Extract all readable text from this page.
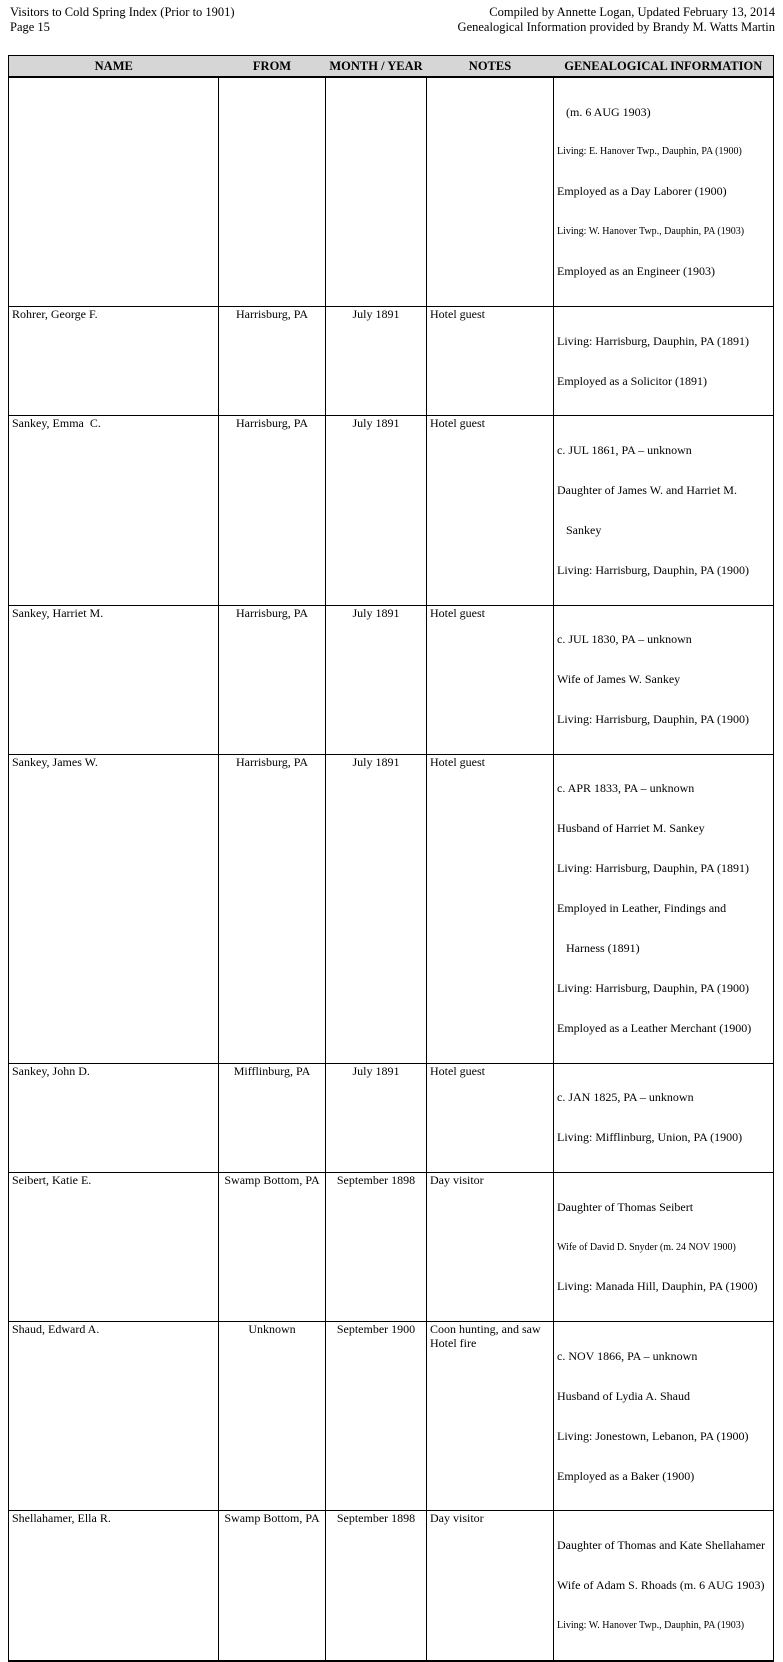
Visitors to Cold Spring Index (Prior to 1901)
Page 15
Compiled by Annette Logan, Updated February 13, 2014
Genealogical Information provided by Brandy M. Watts Martin
NAME	FROM	MONTH / YEAR	NOTES	GENEALOGICAL INFORMATION

				(m. 6 AUG 1903)

Living: E. Hanover Twp., Dauphin, PA (1900)

Employed as a Day Laborer (1900)

Living: W. Hanover Twp., Dauphin, PA (1903)

Employed as an Engineer (1903)

Rohrer, George F.	Harrisburg, PA	July 1891	Hotel guest	Living: Harrisburg, Dauphin, PA (1891)

Employed as a Solicitor (1891)

Sankey, Emma  C.	Harrisburg, PA	July 1891	Hotel guest	c. JUL 1861, PA – unknown

Daughter of James W. and Harriet M.

Sankey

Living: Harrisburg, Dauphin, PA (1900)

Sankey, Harriet M.	Harrisburg, PA	July 1891	Hotel guest	c. JUL 1830, PA – unknown

Wife of James W. Sankey

Living: Harrisburg, Dauphin, PA (1900)

Sankey, James W.	Harrisburg, PA	July 1891	Hotel guest	

c. APR 1833, PA – unknown

Husband of Harriet M. Sankey

Living: Harrisburg, Dauphin, PA (1891)

Employed in Leather, Findings and

Harness (1891)

Living: Harrisburg, Dauphin, PA (1900)

Employed as a Leather Merchant (1900)

Sankey, John D.	Mifflinburg, PA	July 1891	Hotel guest	c. JAN 1825, PA – unknown

Living: Mifflinburg, Union, PA (1900)

Seibert, Katie E.	Swamp Bottom, PA	September 1898	Day visitor	Daughter of Thomas Seibert

Wife of David D. Snyder (m. 24 NOV 1900)

Living: Manada Hill, Dauphin, PA (1900)

Shaud, Edward A.	Unknown	September 1900	Coon hunting, and saw
Hotel fire	

c. NOV 1866, PA – unknown

Husband of Lydia A. Shaud

Living: Jonestown, Lebanon, PA (1900)

Employed as a Baker (1900)

Shellahamer, Ella R.	Swamp Bottom, PA	September 1898	Day visitor	Daughter of Thomas and Kate Shellahamer

Wife of Adam S. Rhoads (m. 6 AUG 1903)

Living: W. Hanover Twp., Dauphin, PA (1903)
